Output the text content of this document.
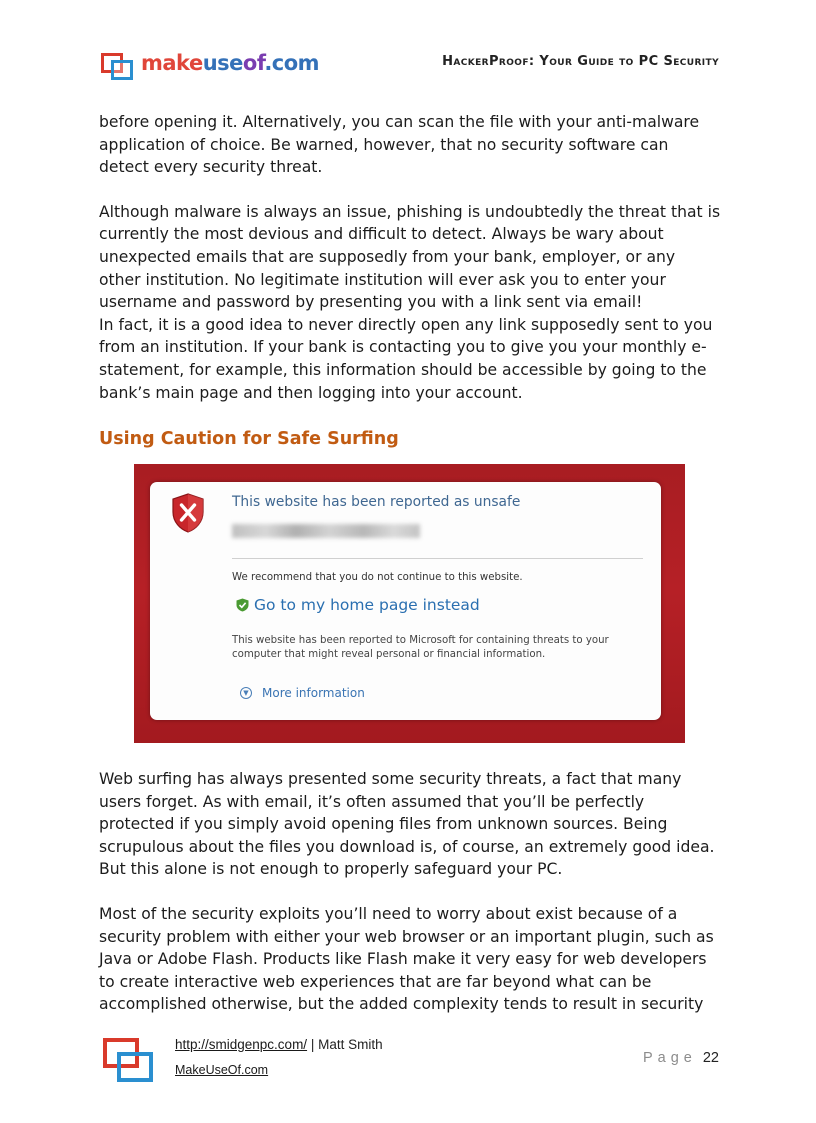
makeuseof.com	HackerProof: Your Guide to PC Security

before opening it. Alternatively, you can scan the file with your anti-malware application of choice. Be warned, however, that no security software can detect every security threat.

Although malware is always an issue, phishing is undoubtedly the threat that is currently the most devious and difficult to detect. Always be wary about unexpected emails that are supposedly from your bank, employer, or any other institution. No legitimate institution will ever ask you to enter your username and password by presenting you with a link sent via email!

In fact, it is a good idea to never directly open any link supposedly sent to you from an institution. If your bank is contacting you to give you your monthly e-statement, for example, this information should be accessible by going to the bank’s main page and then logging into your account.

Using Caution for Safe Surfing
This website has been reported as unsafe
We recommend that you do not continue to this website.
Go to my home page instead
This website has been reported to Microsoft for containing threats to your computer that might reveal personal or financial information.
▼ More information

Web surfing has always presented some security threats, a fact that many users forget. As with email, it’s often assumed that you’ll be perfectly protected if you simply avoid opening files from unknown sources. Being scrupulous about the files you download is, of course, an extremely good idea. But this alone is not enough to properly safeguard your PC.

Most of the security exploits you’ll need to worry about exist because of a security problem with either your web browser or an important plugin, such as Java or Adobe Flash. Products like Flash make it very easy for web developers to create interactive web experiences that are far beyond what can be accomplished otherwise, but the added complexity tends to result in security

http://smidgenpc.com/ | Matt Smith
MakeUseOf.com
Page 22
